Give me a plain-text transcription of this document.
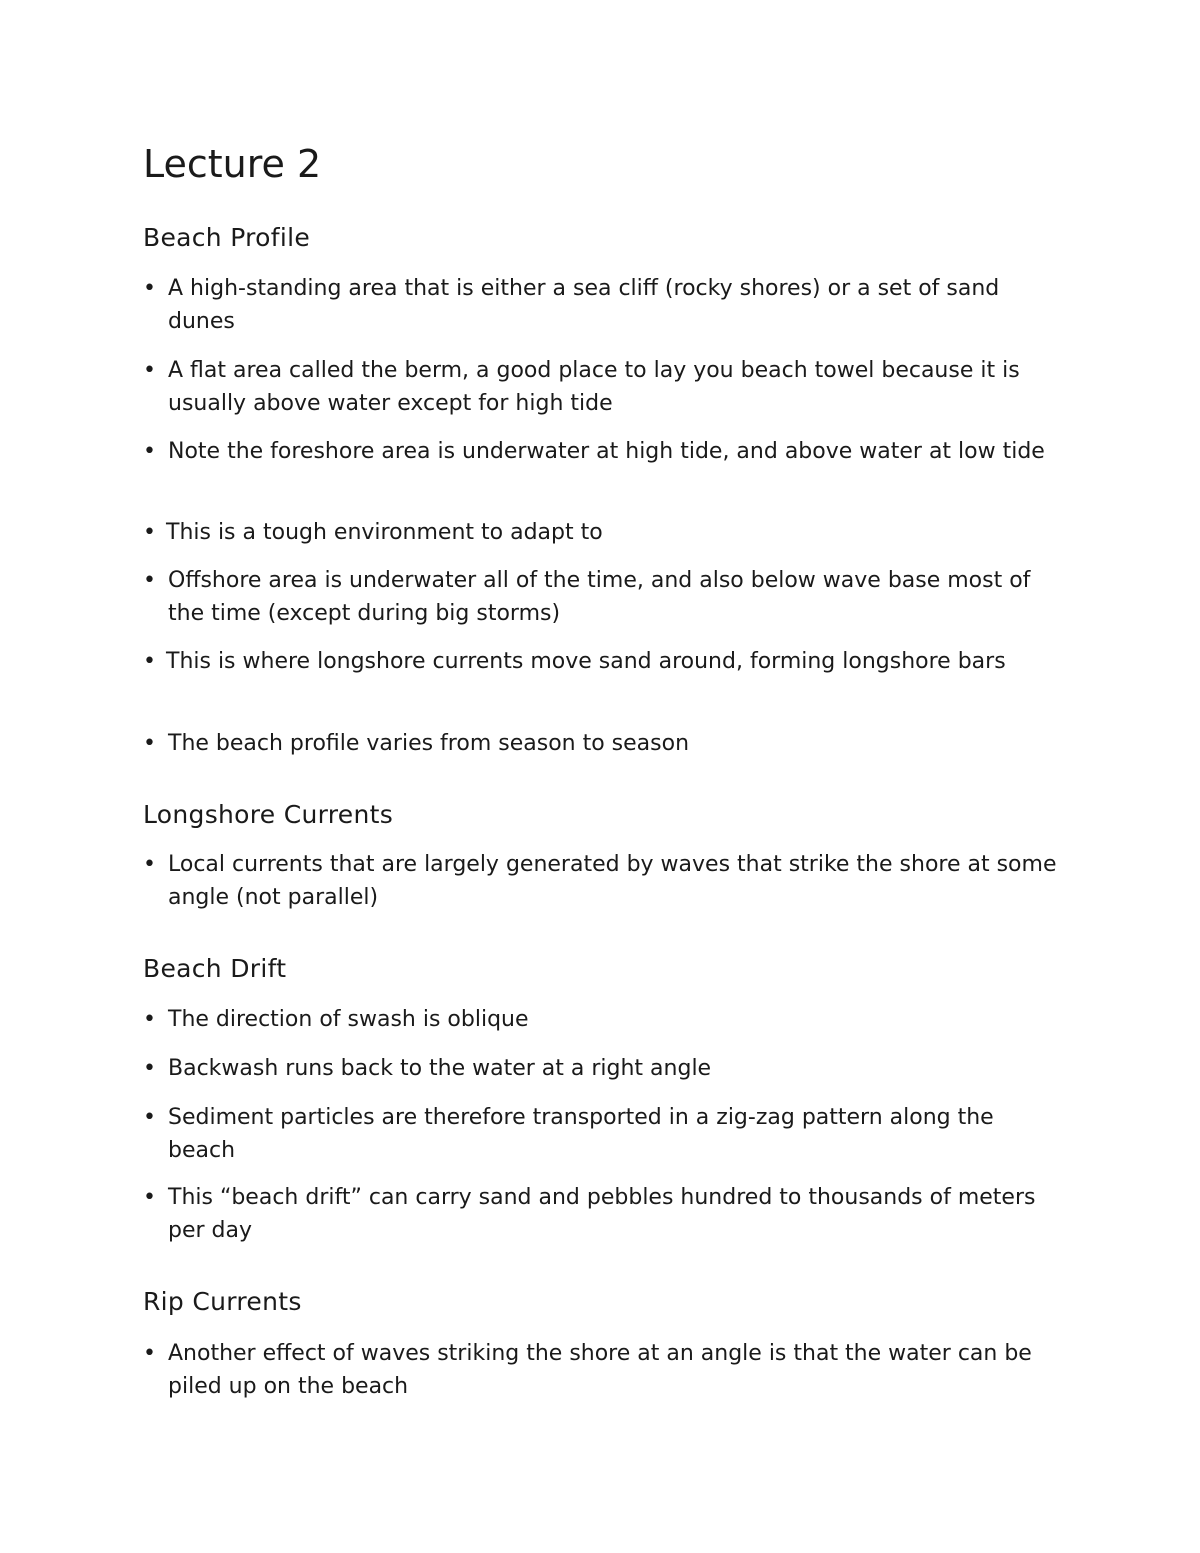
Lecture 2
Beach Profile
• A high-standing area that is either a sea cliff (rocky shores) or a set of sand dunes
• A flat area called the berm, a good place to lay you beach towel because it is usually above water except for high tide
• Note the foreshore area is underwater at high tide, and above water at low tide
• This is a tough environment to adapt to
• Offshore area is underwater all of the time, and also below wave base most of the time (except during big storms)
• This is where longshore currents move sand around, forming longshore bars
• The beach profile varies from season to season
Longshore Currents
• Local currents that are largely generated by waves that strike the shore at some angle (not parallel)
Beach Drift
• The direction of swash is oblique
• Backwash runs back to the water at a right angle
• Sediment particles are therefore transported in a zig-zag pattern along the beach
• This “beach drift” can carry sand and pebbles hundred to thousands of meters per day
Rip Currents
• Another effect of waves striking the shore at an angle is that the water can be piled up on the beach
